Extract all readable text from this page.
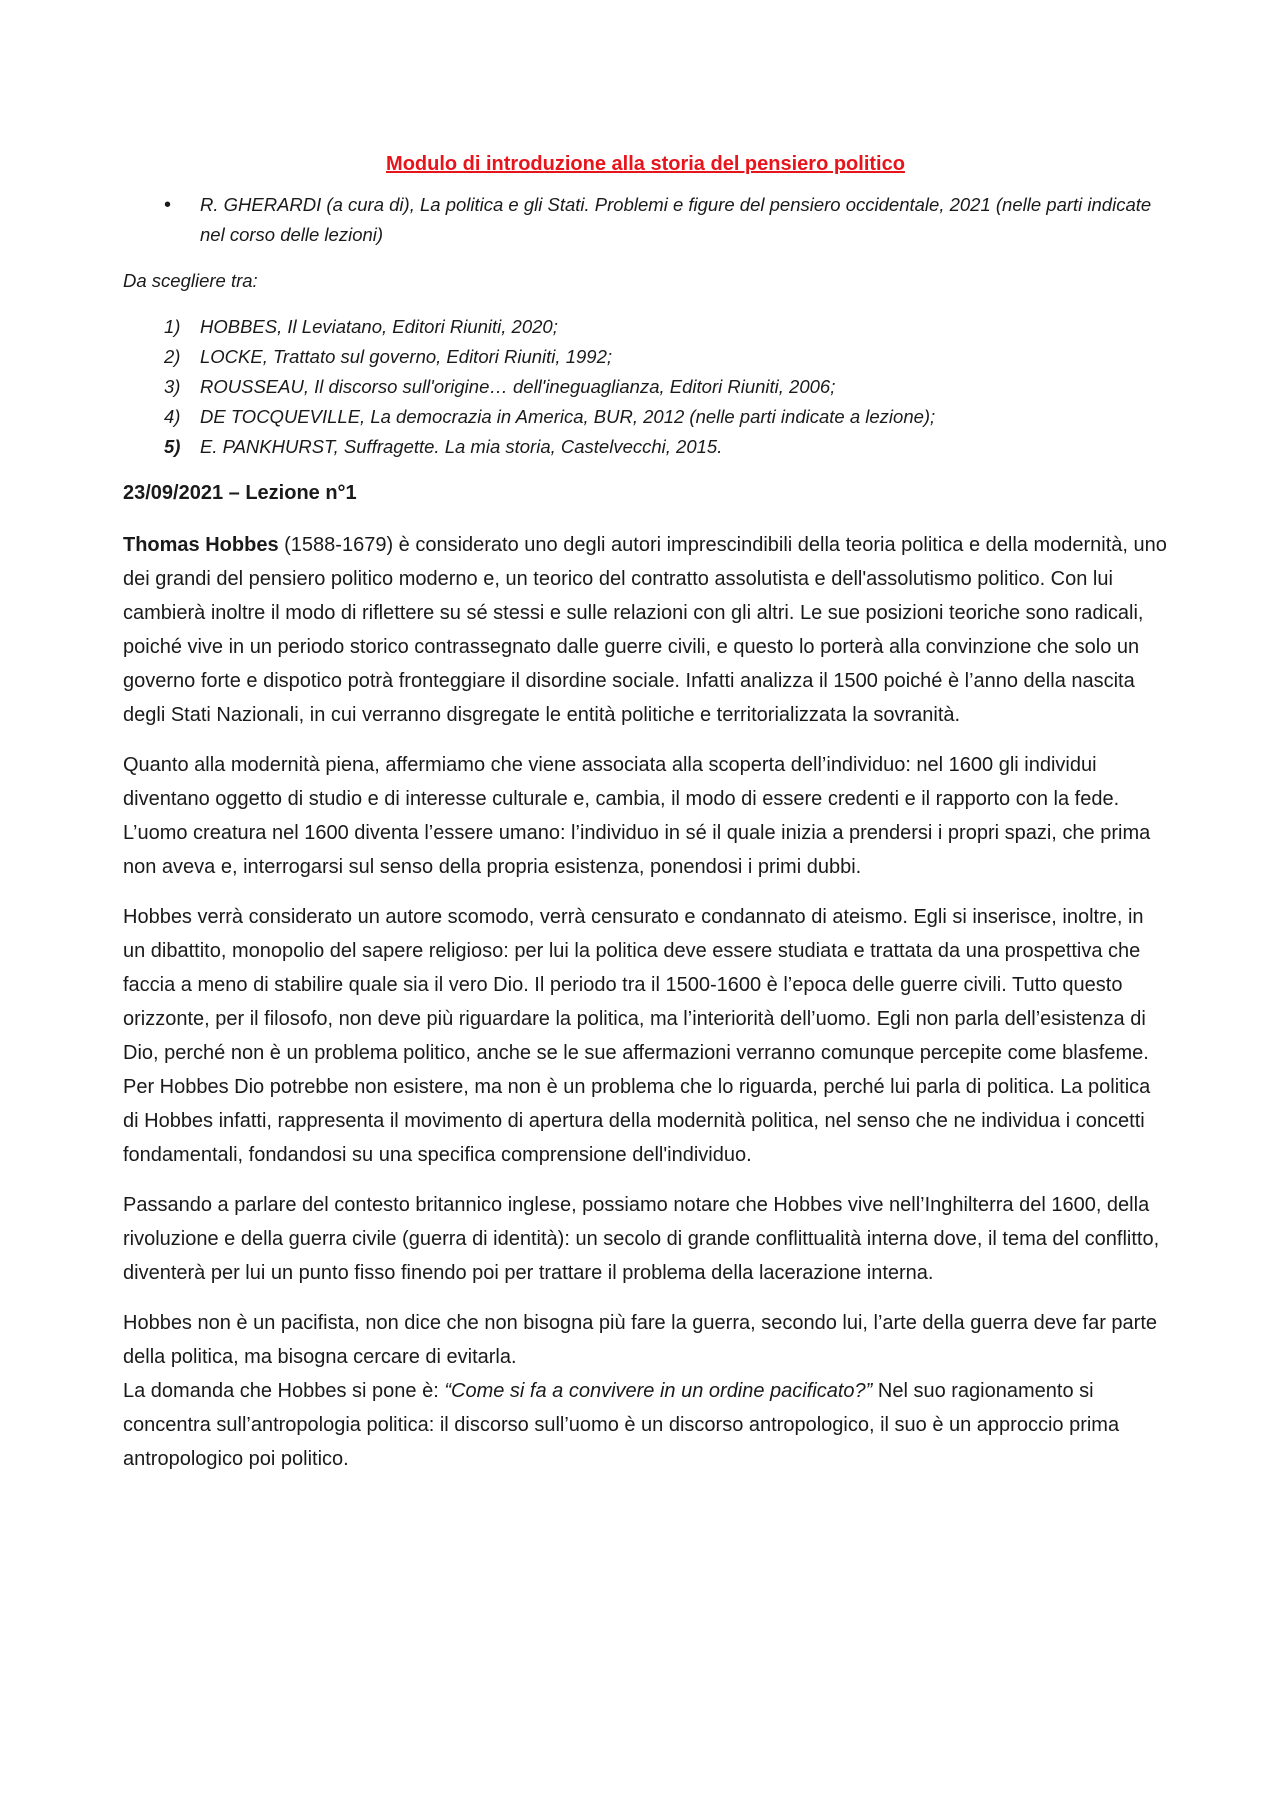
Modulo di introduzione alla storia del pensiero politico
• R. GHERARDI (a cura di), La politica e gli Stati. Problemi e figure del pensiero occidentale, 2021 (nelle parti indicate nel corso delle lezioni)

Da scegliere tra:

1) HOBBES, Il Leviatano, Editori Riuniti, 2020;
2) LOCKE, Trattato sul governo, Editori Riuniti, 1992;
3) ROUSSEAU, Il discorso sull'origine… dell'ineguaglianza, Editori Riuniti, 2006;
4) DE TOCQUEVILLE, La democrazia in America, BUR, 2012 (nelle parti indicate a lezione);
5) E. PANKHURST, Suffragette. La mia storia, Castelvecchi, 2015.
23/09/2021 – Lezione n°1

Thomas Hobbes (1588-1679) è considerato uno degli autori imprescindibili della teoria politica e della modernità, uno dei grandi del pensiero politico moderno e, un teorico del contratto assolutista e dell'assolutismo politico. Con lui cambierà inoltre il modo di riflettere su sé stessi e sulle relazioni con gli altri. Le sue posizioni teoriche sono radicali, poiché vive in un periodo storico contrassegnato dalle guerre civili, e questo lo porterà alla convinzione che solo un governo forte e dispotico potrà fronteggiare il disordine sociale. Infatti analizza il 1500 poiché è l’anno della nascita degli Stati Nazionali, in cui verranno disgregate le entità politiche e territorializzata la sovranità.

Quanto alla modernità piena, affermiamo che viene associata alla scoperta dell’individuo: nel 1600 gli individui diventano oggetto di studio e di interesse culturale e, cambia, il modo di essere credenti e il rapporto con la fede. L’uomo creatura nel 1600 diventa l’essere umano: l’individuo in sé il quale inizia a prendersi i propri spazi, che prima non aveva e, interrogarsi sul senso della propria esistenza, ponendosi i primi dubbi.

Hobbes verrà considerato un autore scomodo, verrà censurato e condannato di ateismo. Egli si inserisce, inoltre, in un dibattito, monopolio del sapere religioso: per lui la politica deve essere studiata e trattata da una prospettiva che faccia a meno di stabilire quale sia il vero Dio. Il periodo tra il 1500-1600 è l’epoca delle guerre civili. Tutto questo orizzonte, per il filosofo, non deve più riguardare la politica, ma l’interiorità dell’uomo. Egli non parla dell’esistenza di Dio, perché non è un problema politico, anche se le sue affermazioni verranno comunque percepite come blasfeme. Per Hobbes Dio potrebbe non esistere, ma non è un problema che lo riguarda, perché lui parla di politica. La politica di Hobbes infatti, rappresenta il movimento di apertura della modernità politica, nel senso che ne individua i concetti fondamentali, fondandosi su una specifica comprensione dell'individuo.

Passando a parlare del contesto britannico inglese, possiamo notare che Hobbes vive nell’Inghilterra del 1600, della rivoluzione e della guerra civile (guerra di identità): un secolo di grande conflittualità interna dove, il tema del conflitto, diventerà per lui un punto fisso finendo poi per trattare il problema della lacerazione interna.

Hobbes non è un pacifista, non dice che non bisogna più fare la guerra, secondo lui, l’arte della guerra deve far parte della politica, ma bisogna cercare di evitarla.
La domanda che Hobbes si pone è: “Come si fa a convivere in un ordine pacificato?” Nel suo ragionamento si concentra sull’antropologia politica: il discorso sull’uomo è un discorso antropologico, il suo è un approccio prima antropologico poi politico.
